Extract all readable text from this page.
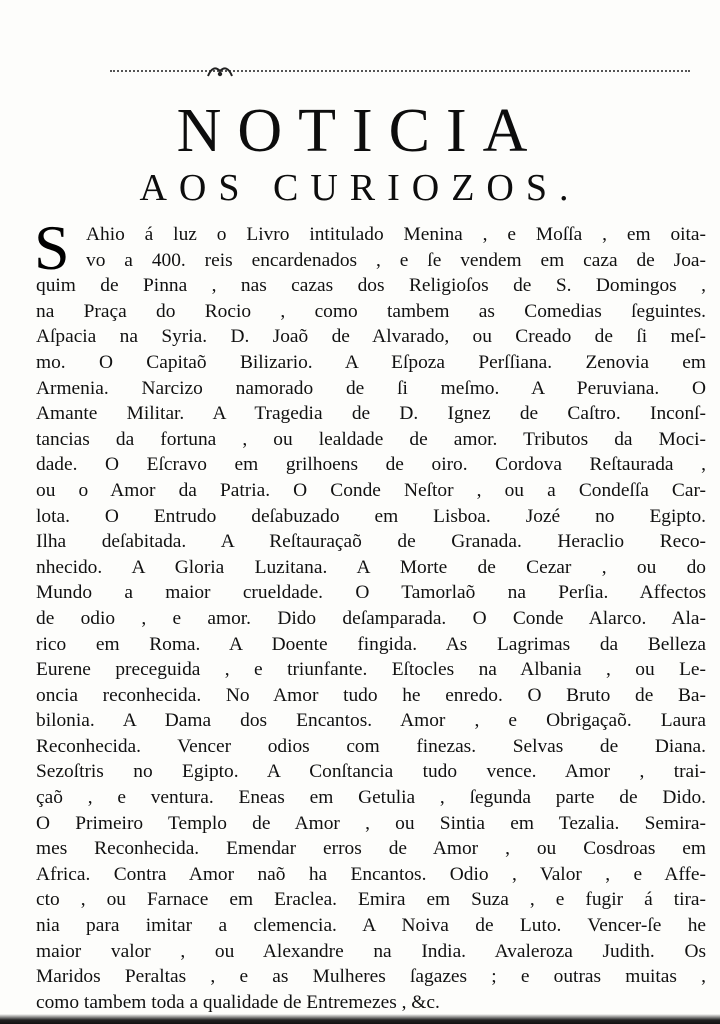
NOTICIA
AOS CURIOZOS.
S Ahio á luz o Livro intitulado Menina , e Moſſa , em oita-
vo a 400. reis encardenados , e ſe vendem em caza de Joa-
quim de Pinna , nas cazas dos Religioſos de S. Domingos ,
na Praça do Rocio , como tambem as Comedias ſeguintes.
Aſpacia na Syria. D. Joaõ de Alvarado, ou Creado de ſi meſ-
mo. O Capitaõ Bilizario. A Eſpoza Perſſiana. Zenovia em
Armenia. Narcizo namorado de ſi meſmo. A Peruviana. O
Amante Militar. A Tragedia de D. Ignez de Caſtro. Inconſ-
tancias da fortuna , ou lealdade de amor. Tributos da Moci-
dade. O Eſcravo em grilhoens de oiro. Cordova Reſtaurada ,
ou o Amor da Patria. O Conde Neſtor , ou a Condeſſa Car-
lota. O Entrudo deſabuzado em Lisboa. Jozé no Egipto.
Ilha deſabitada. A Reſtauraçaõ de Granada. Heraclio Reco-
nhecido. A Gloria Luzitana. A Morte de Cezar , ou do
Mundo a maior crueldade. O Tamorlaõ na Perſia. Affectos
de odio , e amor. Dido deſamparada. O Conde Alarco. Ala-
rico em Roma. A Doente fingida. As Lagrimas da Belleza
Eurene preceguida , e triunfante. Eſtocles na Albania , ou Le-
oncia reconhecida. No Amor tudo he enredo. O Bruto de Ba-
bilonia. A Dama dos Encantos. Amor , e Obrigaçaõ. Laura
Reconhecida. Vencer odios com finezas. Selvas de Diana.
Sezoſtris no Egipto. A Conſtancia tudo vence. Amor , trai-
çaõ , e ventura. Eneas em Getulia , ſegunda parte de Dido.
O Primeiro Templo de Amor , ou Sintia em Tezalia. Semira-
mes Reconhecida. Emendar erros de Amor , ou Cosdroas em
Africa. Contra Amor naõ ha Encantos. Odio , Valor , e Affe-
cto , ou Farnace em Eraclea. Emira em Suza , e fugir á tira-
nia para imitar a clemencia. A Noiva de Luto. Vencer-ſe he
maior valor , ou Alexandre na India. Avaleroza Judith. Os
Maridos Peraltas , e as Mulheres ſagazes ; e outras muitas ,
como tambem toda a qualidade de Entremezes , &c.
